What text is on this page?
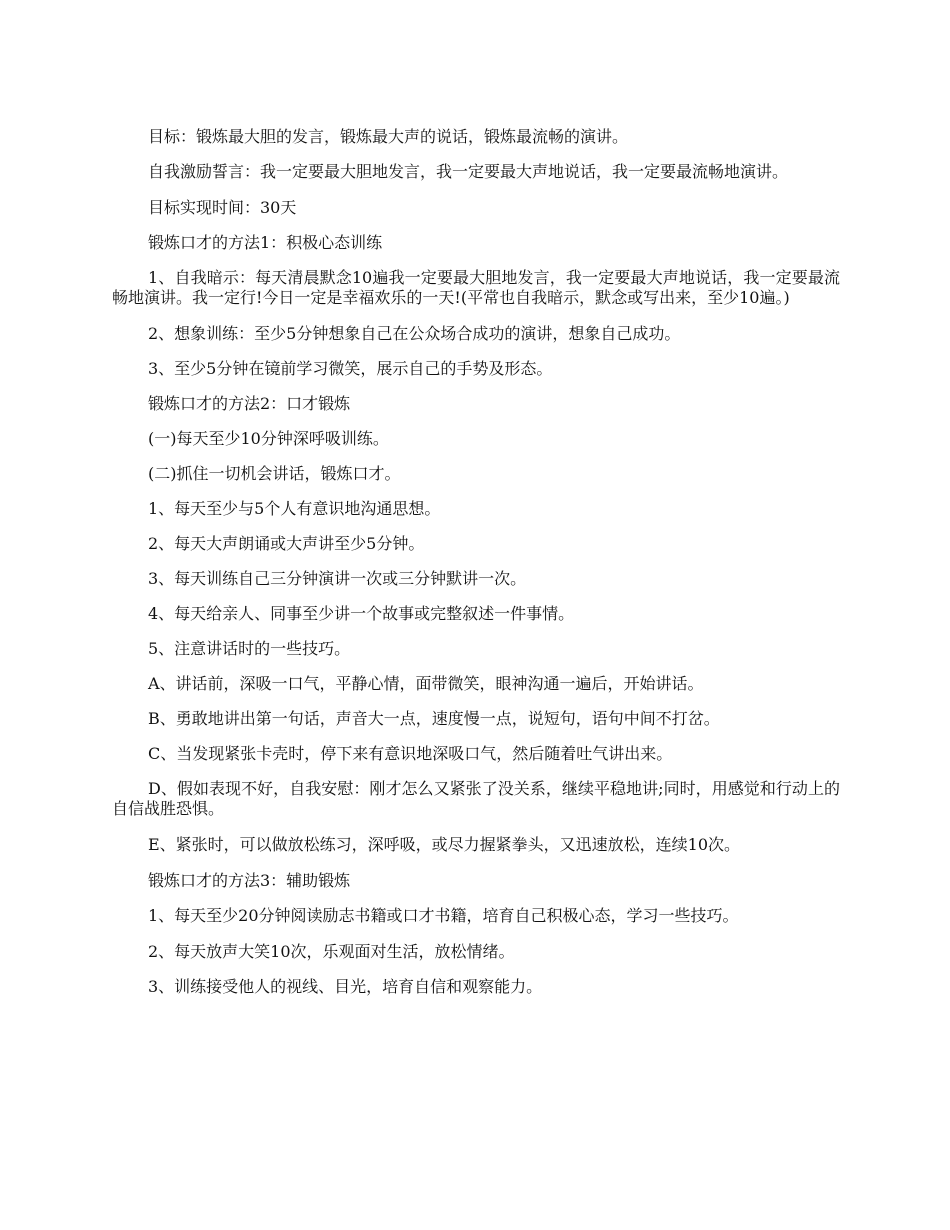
目标：锻炼最大胆的发言，锻炼最大声的说话，锻炼最流畅的演讲。

自我激励誓言：我一定要最大胆地发言，我一定要最大声地说话，我一定要最流畅地演讲。

目标实现时间：30天

锻炼口才的方法1：积极心态训练

1、自我暗示：每天清晨默念10遍我一定要最大胆地发言，我一定要最大声地说话，我一定要最流畅地演讲。我一定行!今日一定是幸福欢乐的一天!(平常也自我暗示，默念或写出来，至少10遍。)

2、想象训练：至少5分钟想象自己在公众场合成功的演讲，想象自己成功。

3、至少5分钟在镜前学习微笑，展示自己的手势及形态。

锻炼口才的方法2：口才锻炼

(一)每天至少10分钟深呼吸训练。

(二)抓住一切机会讲话，锻炼口才。

1、每天至少与5个人有意识地沟通思想。

2、每天大声朗诵或大声讲至少5分钟。

3、每天训练自己三分钟演讲一次或三分钟默讲一次。

4、每天给亲人、同事至少讲一个故事或完整叙述一件事情。

5、注意讲话时的一些技巧。

A、讲话前，深吸一口气，平静心情，面带微笑，眼神沟通一遍后，开始讲话。

B、勇敢地讲出第一句话，声音大一点，速度慢一点，说短句，语句中间不打岔。

C、当发现紧张卡壳时，停下来有意识地深吸口气，然后随着吐气讲出来。

D、假如表现不好，自我安慰：刚才怎么又紧张了没关系，继续平稳地讲;同时，用感觉和行动上的自信战胜恐惧。

E、紧张时，可以做放松练习，深呼吸，或尽力握紧拳头，又迅速放松，连续10次。

锻炼口才的方法3：辅助锻炼

1、每天至少20分钟阅读励志书籍或口才书籍，培育自己积极心态，学习一些技巧。

2、每天放声大笑10次，乐观面对生活，放松情绪。

3、训练接受他人的视线、目光，培育自信和观察能力。
